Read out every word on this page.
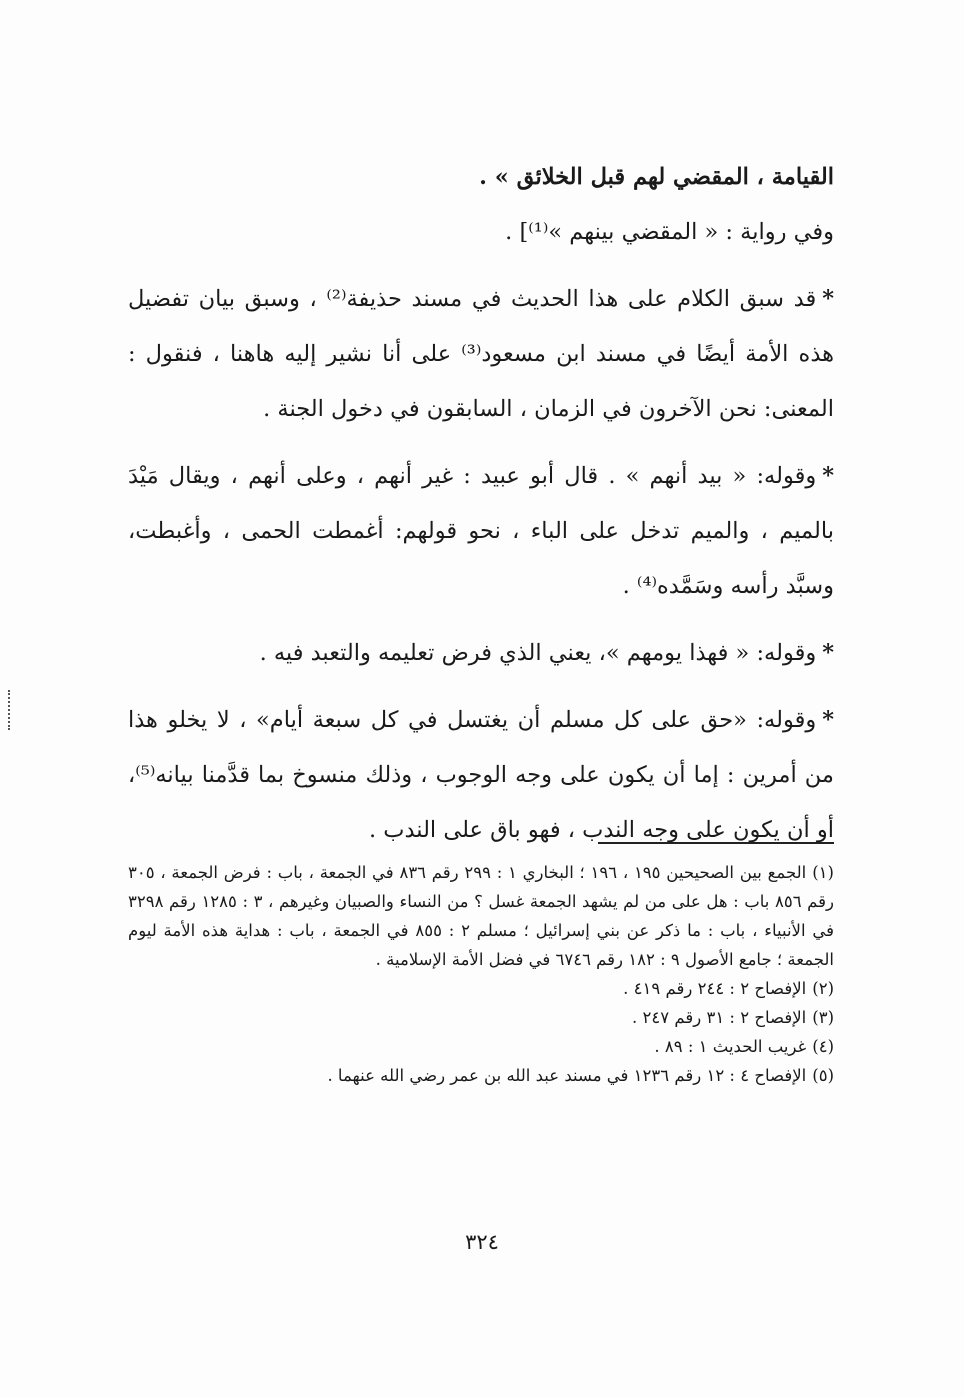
القيامة ، المقضي لهم قبل الخلائق » .

وفي رواية : « المقضي بينهم »⁽¹⁾] .

*قد سبق الكلام على هذا الحديث في مسند حذيفة⁽²⁾ ، وسبق بيان تفضيل هذه الأمة أيضًا في مسند ابن مسعود⁽³⁾ على أنا نشير إليه هاهنا ، فنقول : المعنى: نحن الآخرون في الزمان ، السابقون في دخول الجنة .

*وقوله: « بيد أنهم » . قال أبو عبيد : غير أنهم ، وعلى أنهم ، ويقال مَيْدَ بالميم ، والميم تدخل على الباء ، نحو قولهم: أغمطت الحمى ، وأغبطت، وسبَّد رأسه وسَمَّده⁽⁴⁾ .

*وقوله: « فهذا يومهم »، يعني الذي فرض تعليمه والتعبد فيه .

*وقوله: «حق على كل مسلم أن يغتسل في كل سبعة أيام» ، لا يخلو هذا من أمرين : إما أن يكون على وجه الوجوب ، وذلك منسوخ بما قدَّمنا بيانه⁽⁵⁾، أو أن يكون على وجه الندب ، فهو باق على الندب .

(١)الجمع بين الصحيحين ١٩٥ ، ١٩٦ ؛ البخاري ١ : ٢٩٩ رقم ٨٣٦ في الجمعة ، باب : فرض الجمعة ، ٣٠٥ رقم ٨٥٦ باب : هل على من لم يشهد الجمعة غسل ؟ من النساء والصبيان وغيرهم ، ٣ : ١٢٨٥ رقم ٣٢٩٨ في الأنبياء ، باب : ما ذكر عن بني إسرائيل ؛ مسلم ٢ : ٨٥٥ في الجمعة ، باب : هداية هذه الأمة ليوم الجمعة ؛ جامع الأصول ٩ : ١٨٢ رقم ٦٧٤٦ في فضل الأمة الإسلامية .

(٢)الإفصاح ٢ : ٢٤٤ رقم ٤١٩ .

(٣)الإفصاح ٢ : ٣١ رقم ٢٤٧ .

(٤)غريب الحديث ١ : ٨٩ .

(٥)الإفصاح ٤ : ١٢ رقم ١٢٣٦ في مسند عبد الله بن عمر رضي الله عنهما .

٣٢٤
